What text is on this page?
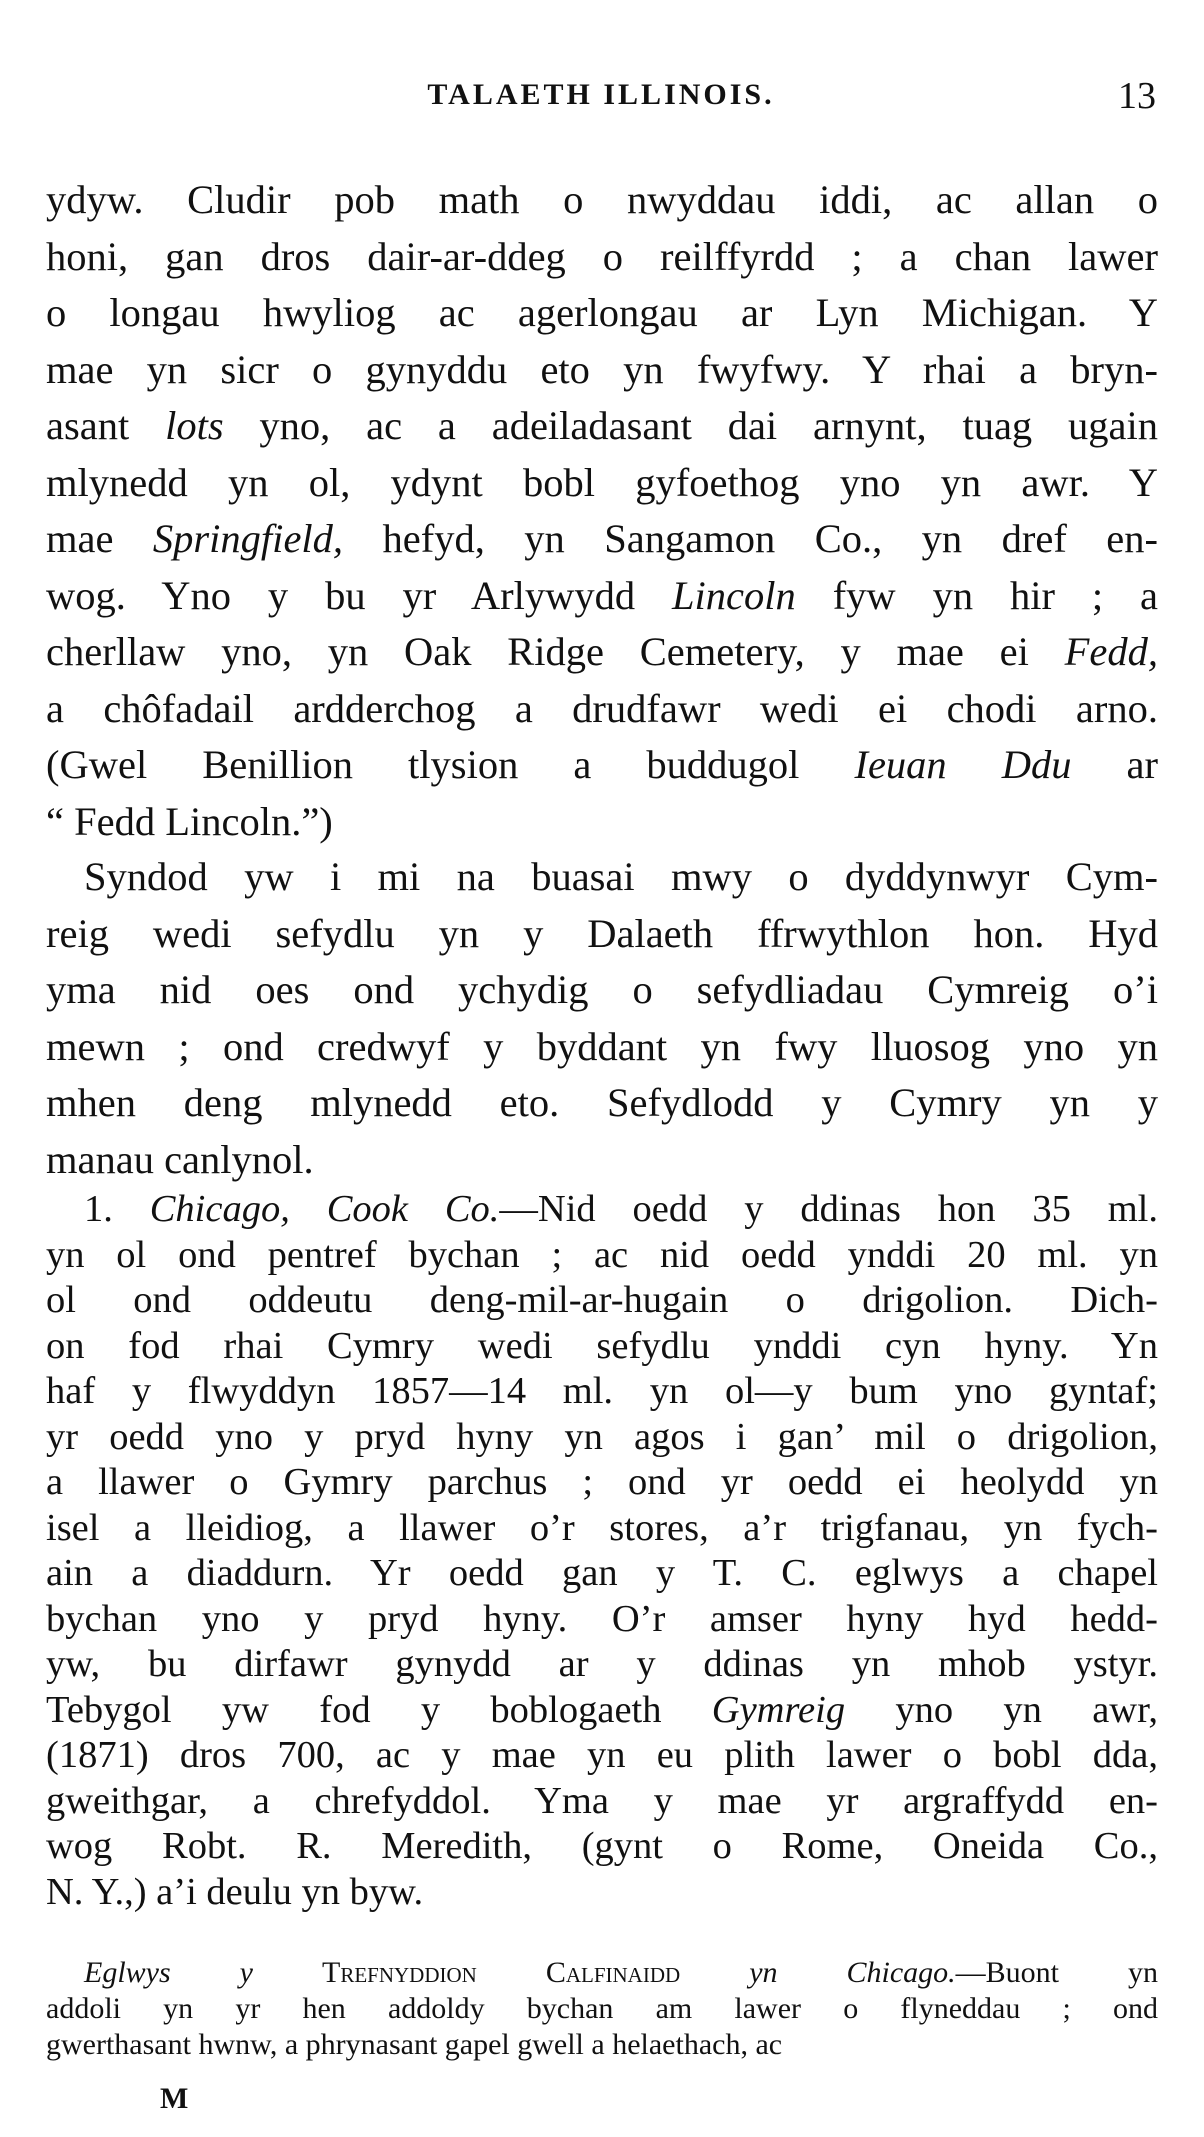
TALAETH ILLINOIS.	13
ydyw. Cludir pob math o nwyddau iddi, ac allan o
honi, gan dros dair-ar-ddeg o reilffyrdd ; a chan lawer
o longau hwyliog ac agerlongau ar Lyn Michigan. Y
mae yn sicr o gynyddu eto yn fwyfwy. Y rhai a bryn-
asant lots yno, ac a adeiladasant dai arnynt, tuag ugain
mlynedd yn ol, ydynt bobl gyfoethog yno yn awr. Y
mae Springfield, hefyd, yn Sangamon Co., yn dref en-
wog. Yno y bu yr Arlywydd Lincoln fyw yn hir ; a
cherllaw yno, yn Oak Ridge Cemetery, y mae ei Fedd,
a chôfadail ardderchog a drudfawr wedi ei chodi arno.
(Gwel Benillion tlysion a buddugol Ieuan Ddu ar
“ Fedd Lincoln.”)
Syndod yw i mi na buasai mwy o dyddynwyr Cym-
reig wedi sefydlu yn y Dalaeth ffrwythlon hon. Hyd
yma nid oes ond ychydig o sefydliadau Cymreig o’i
mewn ; ond credwyf y byddant yn fwy lluosog yno yn
mhen deng mlynedd eto. Sefydlodd y Cymry yn y
manau canlynol.
1. Chicago, Cook Co.—Nid oedd y ddinas hon 35 ml.
yn ol ond pentref bychan ; ac nid oedd ynddi 20 ml. yn
ol ond oddeutu deng-mil-ar-hugain o drigolion. Dich-
on fod rhai Cymry wedi sefydlu ynddi cyn hyny. Yn
haf y flwyddyn 1857—14 ml. yn ol—y bum yno gyntaf;
yr oedd yno y pryd hyny yn agos i gan’ mil o drigolion,
a llawer o Gymry parchus ; ond yr oedd ei heolydd yn
isel a lleidiog, a llawer o’r stores, a’r trigfanau, yn fych-
ain a diaddurn. Yr oedd gan y T. C. eglwys a chapel
bychan yno y pryd hyny. O’r amser hyny hyd hedd-
yw, bu dirfawr gynydd ar y ddinas yn mhob ystyr.
Tebygol yw fod y boblogaeth Gymreig yno yn awr,
(1871) dros 700, ac y mae yn eu plith lawer o bobl dda,
gweithgar, a chrefyddol. Yma y mae yr argraffydd en-
wog Robt. R. Meredith, (gynt o Rome, Oneida Co.,
N. Y.,) a’i deulu yn byw.
Eglwys y Trefnyddion Calfinaidd yn Chicago.—Buont yn
addoli yn yr hen addoldy bychan am lawer o flyneddau ; ond
gwerthasant hwnw, a phrynasant gapel gwell a helaethach, ac
M
